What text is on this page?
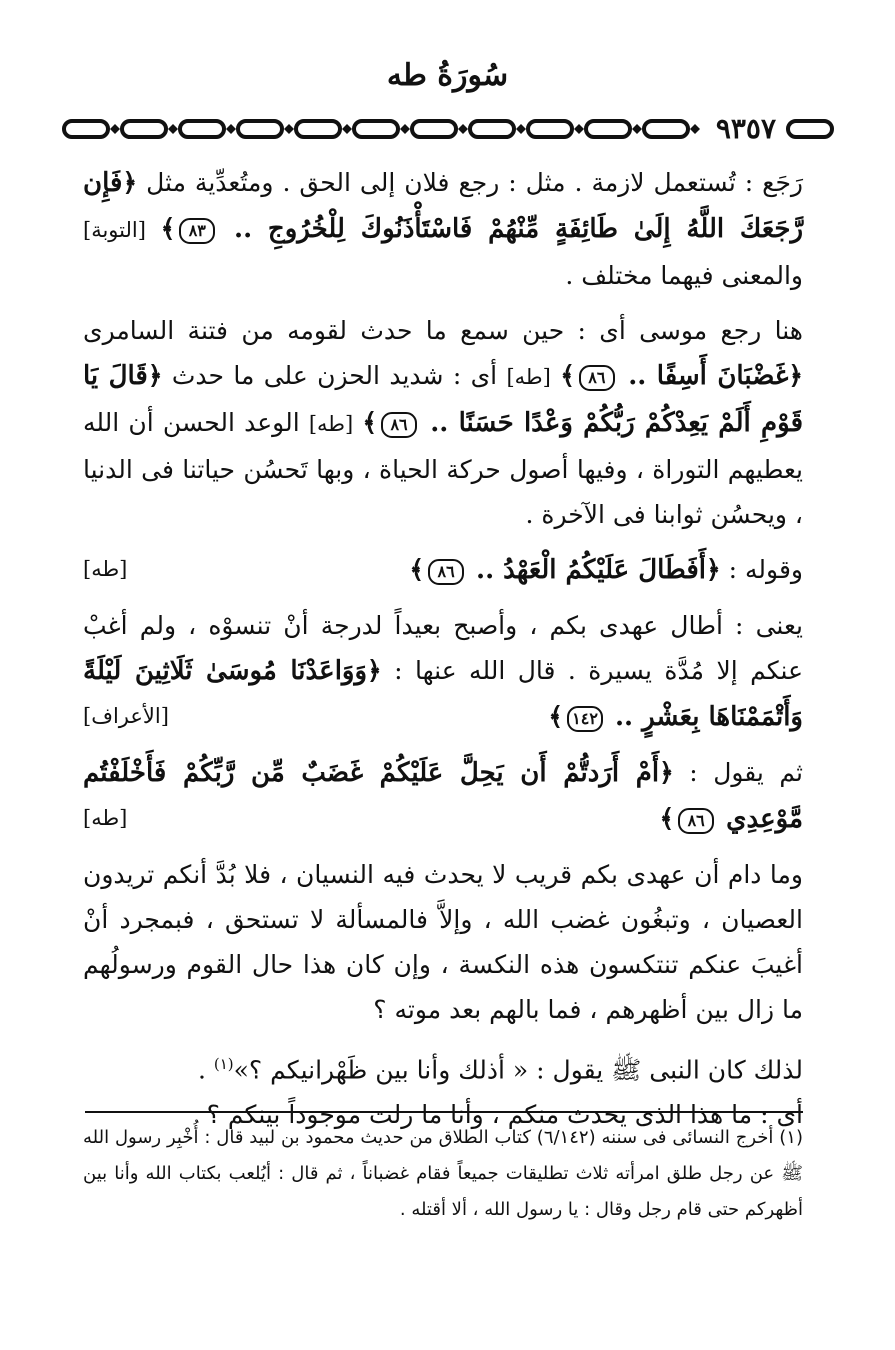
سُورَةُ طه
٩٣٥٧

رَجَع : تُستعمل لازمة . مثل : رجع فلان إلى الحق . ومتُعدِّية مثل ﴿فَإِن رَّجَعَكَ اللَّهُ إِلَىٰ طَائِفَةٍ مِّنْهُمْ فَاسْتَأْذَنُوكَ لِلْخُرُوجِ .. ٨٣﴾ [التوبة] والمعنى فيهما مختلف .

هنا رجع موسى أى : حين سمع ما حدث لقومه من فتنة السامرى ﴿غَضْبَانَ أَسِفًا .. ٨٦﴾ [طه] أى : شديد الحزن على ما حدث ﴿قَالَ يَا قَوْمِ أَلَمْ يَعِدْكُمْ رَبُّكُمْ وَعْدًا حَسَنًا .. ٨٦﴾ [طه] الوعد الحسن أن الله يعطيهم التوراة ، وفيها أصول حركة الحياة ، وبها تَحسُن حياتنا فى الدنيا ، ويحسُن ثوابنا فى الآخرة .

[طه]	وقوله : ﴿أَفَطَالَ عَلَيْكُمُ الْعَهْدُ .. ٨٦﴾

يعنى : أطال عهدى بكم ، وأصبح بعيداً لدرجة أنْ تنسوْه ، ولم أغبْ عنكم إلا مُدَّة يسيرة . قال الله عنها : ﴿وَوَاعَدْنَا مُوسَىٰ ثَلَاثِينَ لَيْلَةً وَأَتْمَمْنَاهَا بِعَشْرٍ .. ١٤٢﴾
[الأعراف]

ثم يقول : ﴿أَمْ أَرَدتُّمْ أَن يَحِلَّ عَلَيْكُمْ غَضَبٌ مِّن رَّبِّكُمْ فَأَخْلَفْتُم مَّوْعِدِي ٨٦﴾
[طه]

وما دام أن عهدى بكم قريب لا يحدث فيه النسيان ، فلا بُدَّ أنكم تريدون العصيان ، وتبغُون غضب الله ، وإلاَّ فالمسألة لا تستحق ، فبمجرد أنْ أغيبَ عنكم تنتكسون هذه النكسة ، وإن كان هذا حال القوم ورسولُهم ما زال بين أظهرهم ، فما بالهم بعد موته ؟

لذلك كان النبى ﷺ يقول : « أذلك وأنا بين ظَهْرانيكم ؟»$^{(١)}$ .

أى : ما هذا الذى يحدث منكم ، وأنا ما زلت موجوداً بينكم ؟

(١) أخرج النسائى فى سننه (٦/١٤٢) كتاب الطلاق من حديث محمود بن لبيد قال : أُخْبِر رسول الله ﷺ عن رجل طلق امرأته ثلاث تطليقات جميعاً فقام غضباناً ، ثم قال : أيُلعب بكتاب الله وأنا بين أظهركم حتى قام رجل وقال : يا رسول الله ، ألا أقتله .
